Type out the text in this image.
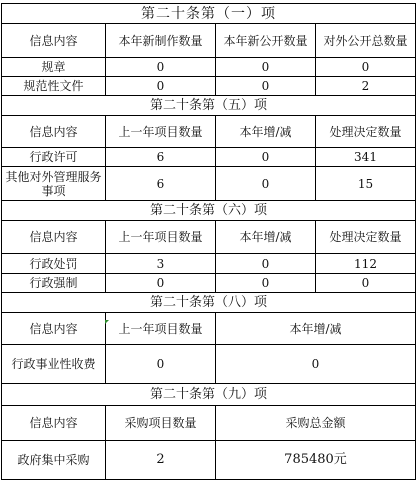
第二十条第（一）项			
信息内容	本年新制作数量	本年新公开数量	对外公开总数量
规章	0	0	0
规范性文件	0	0	2
第二十条第（五）项			
信息内容	上一年项目数量	本年增/减	处理决定数量
行政许可	6	0	341
其他对外管理服务事项	6	0	15
第二十条第（六）项			
信息内容	上一年项目数量	本年增/减	处理决定数量
行政处罚	3	0	112
行政强制	0	0	0
第二十条第（八）项			
信息内容	上一年项目数量	本年增/减	
行政事业性收费	0	0	
第二十条第（九）项			
信息内容	采购项目数量	采购总金额	
政府集中采购	2	785480元	
